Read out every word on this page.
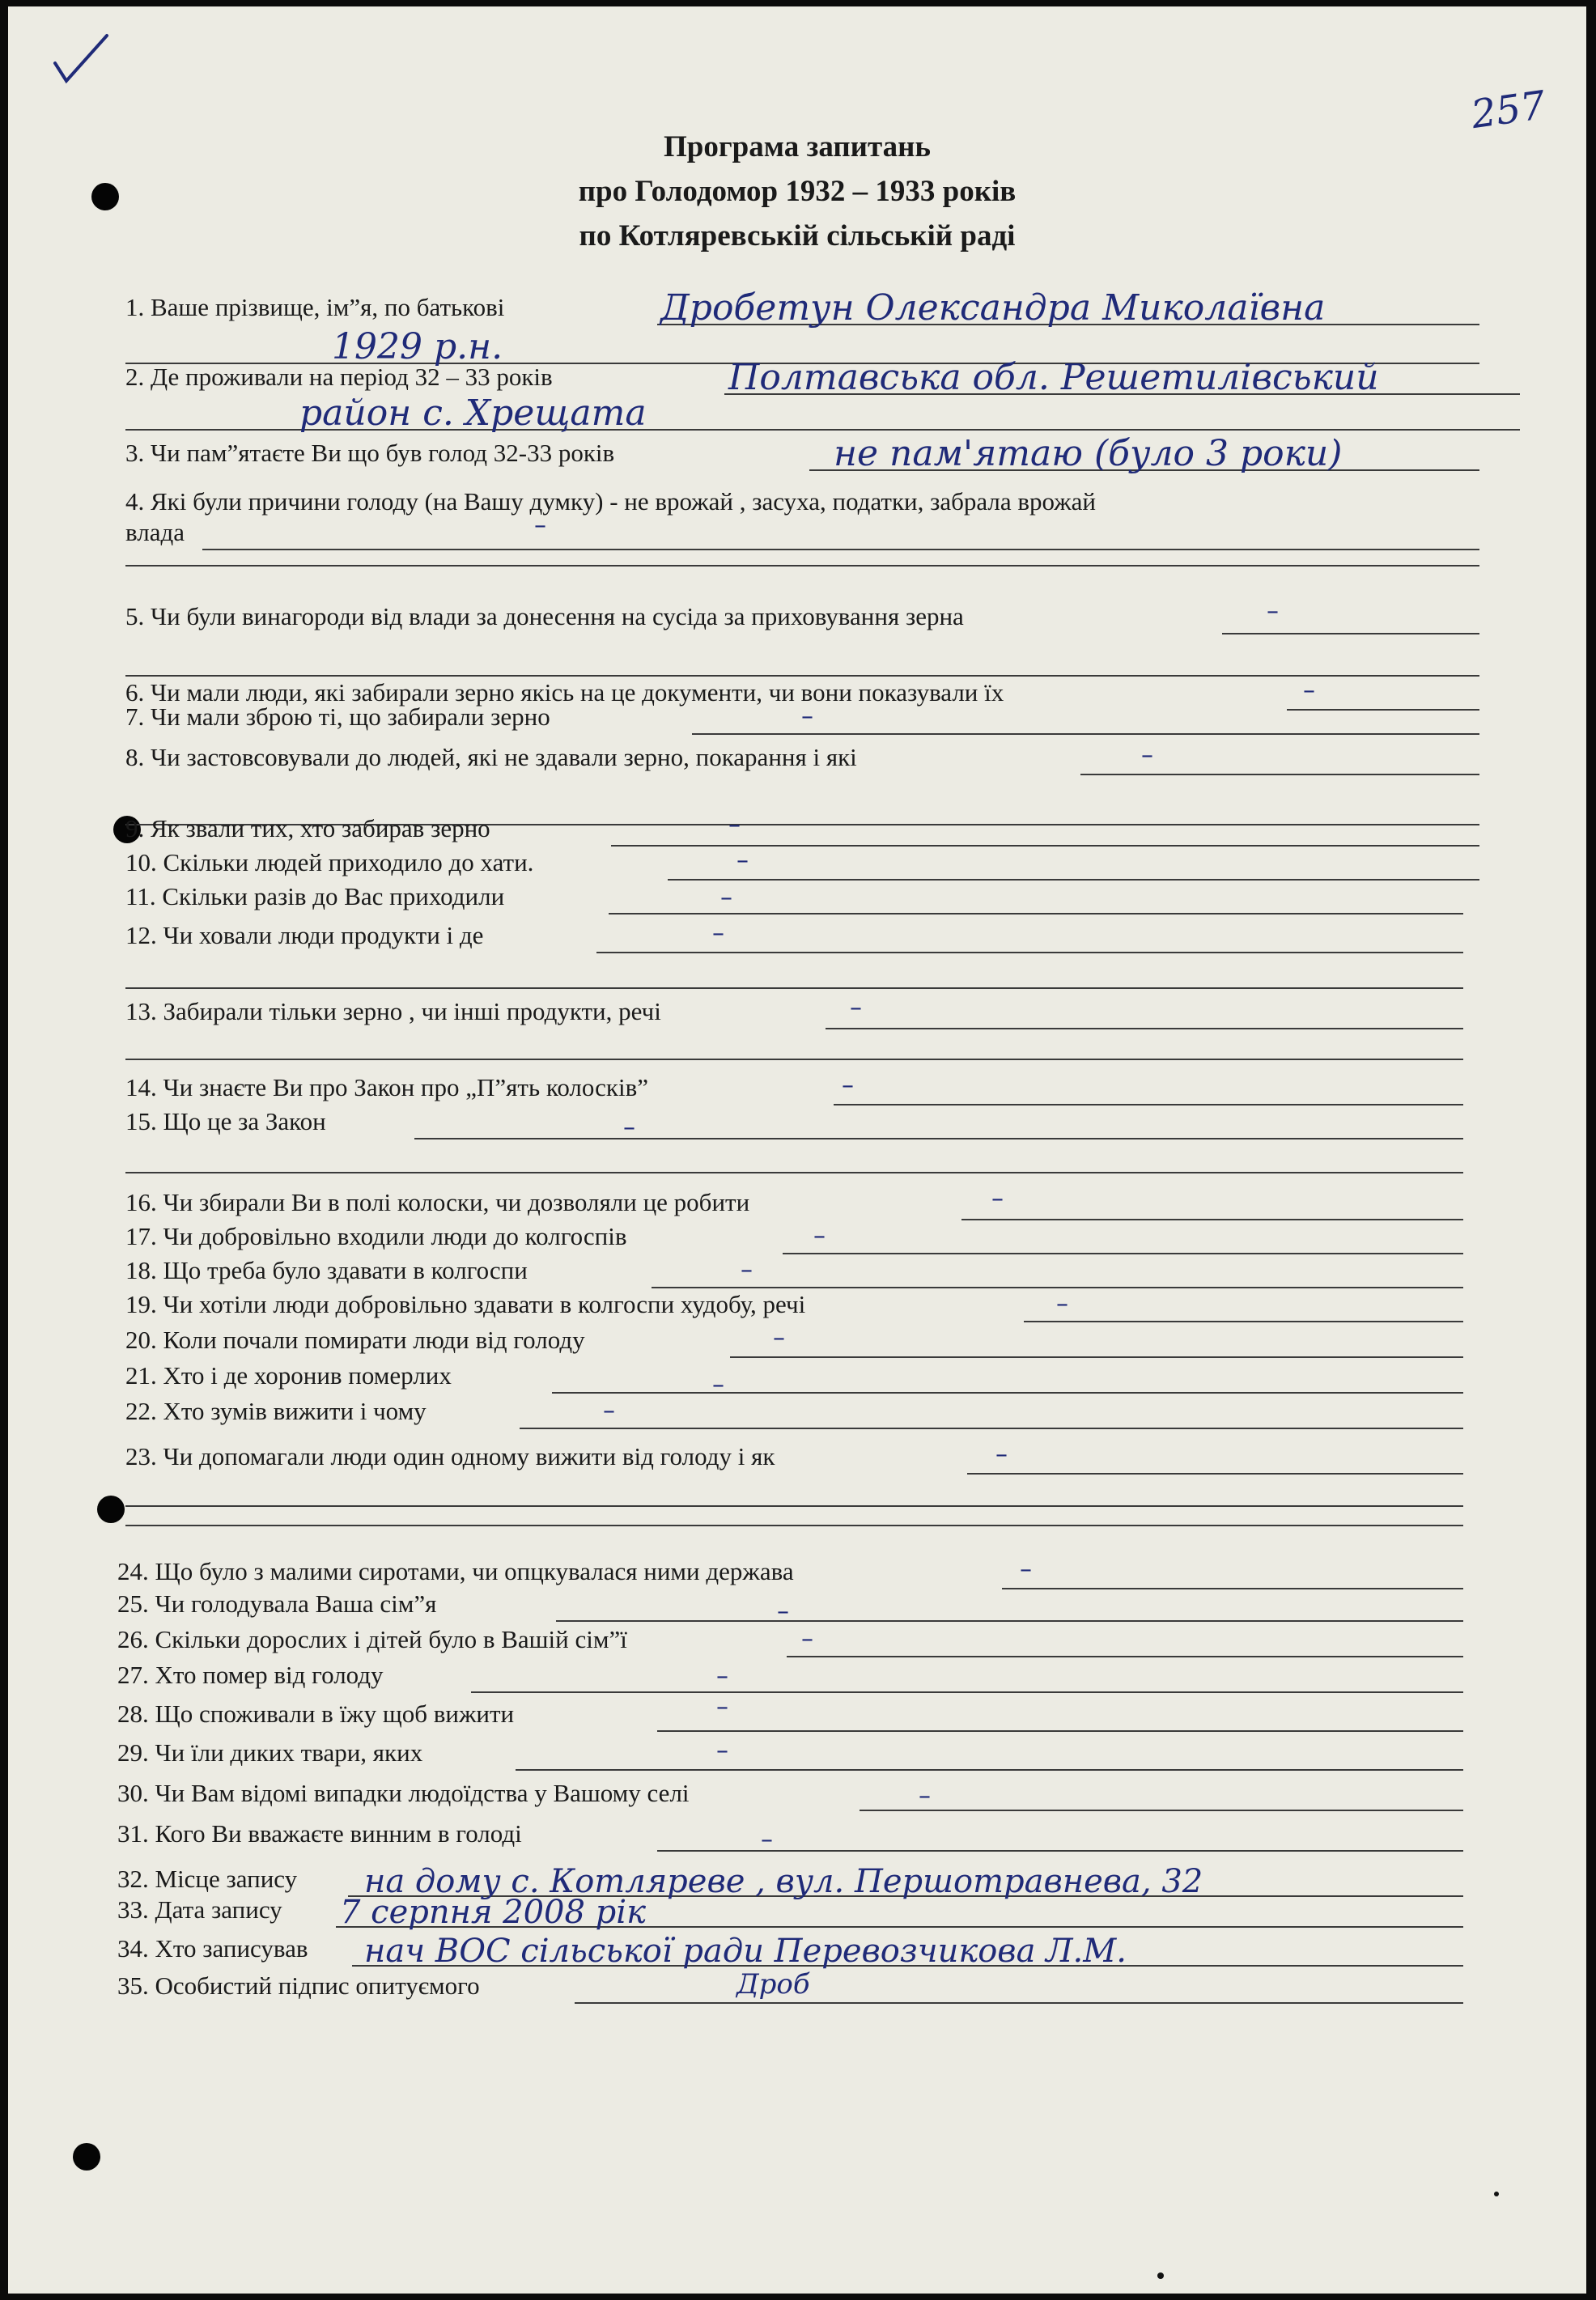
257
Програма запитань
про Голодомор 1932 – 1933 років
по Котляревській сільській раді
1. Ваше прізвище, ім”я, по батькові	Дробетун Олександра Миколаївна
1929 р.н.
2. Де проживали на період 32 – 33 років	Полтавська обл. Решетилівський
район с. Хрещата
3. Чи пам”ятаєте Ви що був голод 32-33 років	не пам'ятаю (було 3 роки)
4. Які були причини голоду (на Вашу думку) - не врожай , засуха, податки, забрала врожай
влада	–
5. Чи були винагороди від влади за донесення на сусіда за приховування зерна	–
6. Чи мали люди, які забирали зерно якісь на це документи, чи вони показували їх	–
7. Чи мали зброю ті, що забирали зерно	–
8. Чи застовсовували до людей, які не здавали зерно, покарання і які	–
9. Як звали тих, хто забирав зерно	–
10. Скільки людей приходило до хати.	–
11. Скільки разів до Вас приходили	–
12. Чи ховали люди продукти і де	–
13. Забирали тільки зерно , чи інші продукти, речі	–
14. Чи знаєте Ви про Закон про „П”ять колосків”	–
15. Що це за Закон	–
16. Чи збирали Ви в полі колоски, чи дозволяли це робити	–
17. Чи добровільно входили люди до колгоспів	–
18. Що треба було здавати в колгоспи	–
19. Чи хотіли люди добровільно здавати в колгоспи худобу, речі	–
20. Коли почали помирати люди від голоду	–
21. Хто і де хоронив померлих	–
22. Хто зумів вижити і чому	–
23. Чи допомагали люди один одному вижити від голоду і як	–
24. Що було з малими сиротами, чи опцкувалася ними держава	–
25. Чи голодувала Ваша сім”я	–
26. Скільки дорослих і дітей було в Вашій сім”ї	–
27. Хто помер від голоду	–
28. Що споживали в їжу щоб вижити	–
29. Чи їли диких твари, яких	–
30. Чи Вам відомі випадки людоїдства у Вашому селі	–
31. Кого Ви вважаєте винним в голоді	–
32. Місце запису на дому с. Котляреве , вул. Першотравнева, 32
33. Дата запису 7 серпня 2008 рік
34. Хто записував нач ВОС сільської ради Перевозчикова Л.М.
35. Особистий підпис опитуємого	Дроб
